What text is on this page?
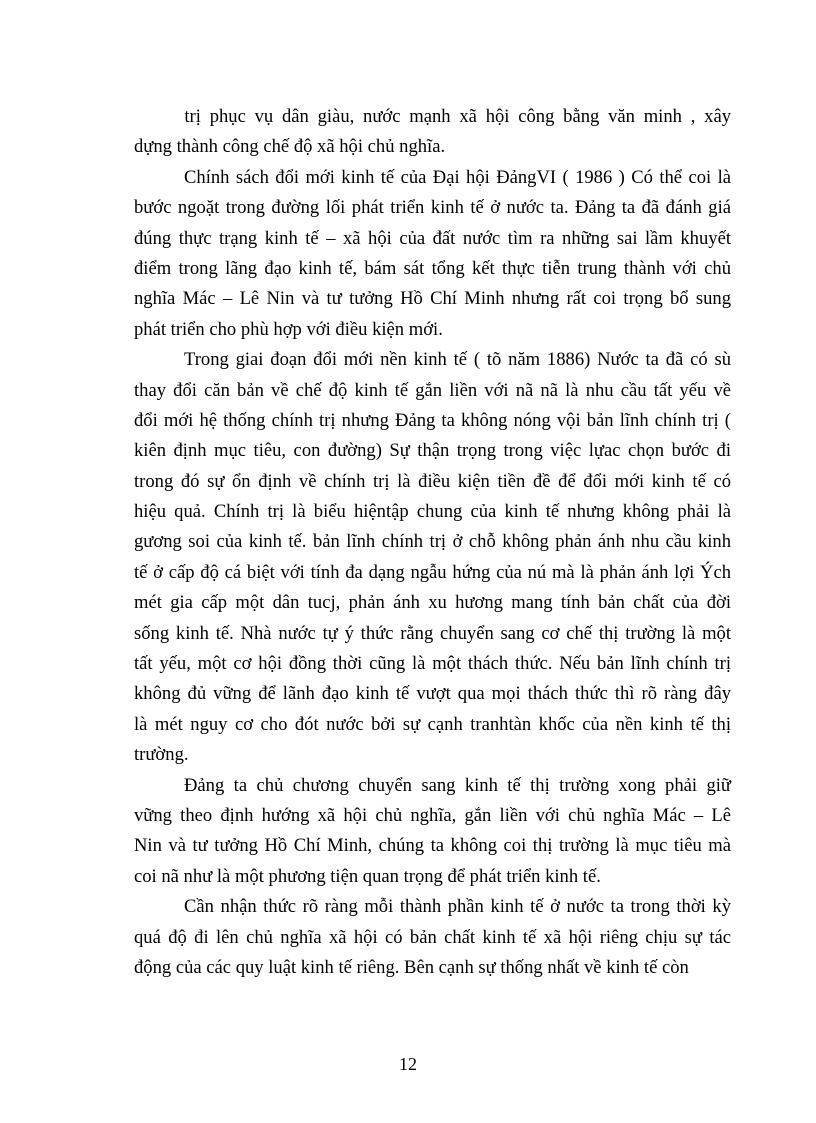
trị phục vụ dân giàu, nước mạnh xã hội công bằng văn minh , xây
dựng thành công chế độ xã hội chủ nghĩa.
Chính sách đổi mới kinh tế của Đại hội ĐảngVI ( 1986 ) Có thể coi là
bước ngoặt trong đường lối phát triển kinh tế ở nước ta. Đảng ta đã đánh giá
đúng thực trạng kinh tế – xã hội của đất nước tìm ra những sai lầm khuyết
điểm trong lãng đạo kinh tế, bám sát tổng kết thực tiễn trung thành với chủ
nghĩa Mác – Lê Nin và tư tưởng Hồ Chí Minh nhưng rất coi trọng bổ sung
phát triển cho phù hợp với điều kiện mới.
Trong giai đoạn đổi mới nền kinh tế ( tõ năm 1886) Nước ta đã có sù
thay đổi căn bản về chế độ kinh tế gắn liền với nã nã là nhu cầu tất yếu về
đổi mới hệ thống chính trị nhưng Đảng ta không nóng vội bản lĩnh chính trị (
kiên định mục tiêu, con đường) Sự thận trọng trong việc lựac chọn bước đi
trong đó sự ổn định về chính trị là điều kiện tiền đề để đổi mới kinh tế có
hiệu quả. Chính trị là biểu hiệntập chung của kinh tế nhưng không phải là
gương soi của kinh tế. bản lĩnh chính trị ở chỗ không phản ánh nhu cầu kinh
tế ở cấp độ cá biệt với tính đa dạng ngẫu hứng của nú mà là phản ánh lợi Ých
mét gia cấp một dân tucj, phản ánh xu hương mang tính bản chất của đời
sống kinh tế. Nhà nước tự ý thức rằng chuyển sang cơ chế thị trường là một
tất yếu, một cơ hội đồng thời cũng là một thách thức. Nếu bản lĩnh chính trị
không đủ vững để lãnh đạo kinh tế vượt qua mọi thách thức thì rõ ràng đây
là mét nguy cơ cho đót nước bởi sự cạnh tranhtàn khốc của nền kinh tế thị
trường.
Đảng ta chủ chương chuyển sang kinh tế thị trường xong phải giữ
vững theo định hướng xã hội chủ nghĩa, gắn liền với chủ nghĩa Mác – Lê
Nin và tư tưởng Hồ Chí Minh, chúng ta không coi thị trường là mục tiêu mà
coi nã như là một phương tiện quan trọng để phát triển kinh tế.
Cần nhận thức rõ ràng mỗi thành phần kinh tế ở nước ta trong thời kỳ
quá độ đi lên chủ nghĩa xã hội có bản chất kinh tế xã hội riêng chịu sự tác
động của các quy luật kinh tế riêng. Bên cạnh sự thống nhất về kinh tế còn
12
